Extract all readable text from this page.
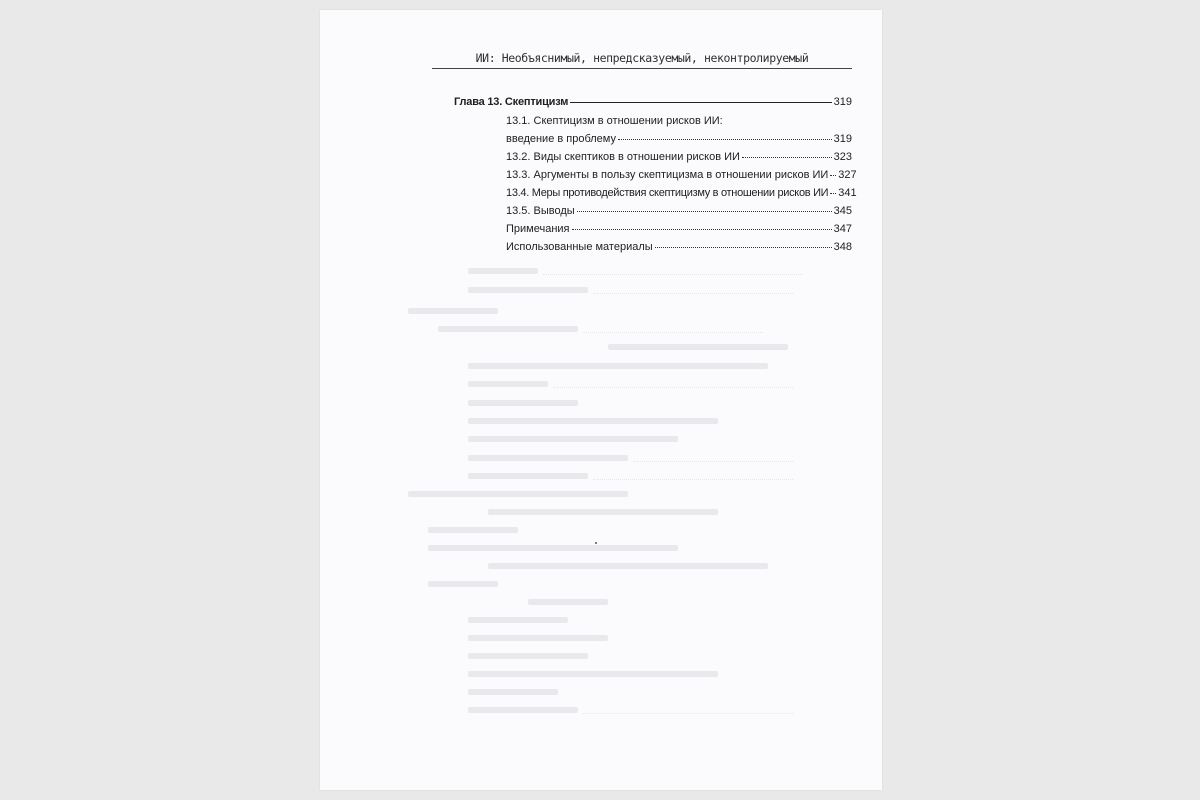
ИИ: Необъяснимый, непредсказуемый, неконтролируемый
Глава 13. Скептицизм	319
13.1. Скептицизм в отношении рисков ИИ:
введение в проблему	319
13.2. Виды скептиков в отношении рисков ИИ	323
13.3. Аргументы в пользу скептицизма в отношении рисков ИИ 327
13.4. Меры противодействия скептицизму в отношении рисков ИИ 341
13.5. Выводы	345
Примечания	347
Использованные материалы	348
